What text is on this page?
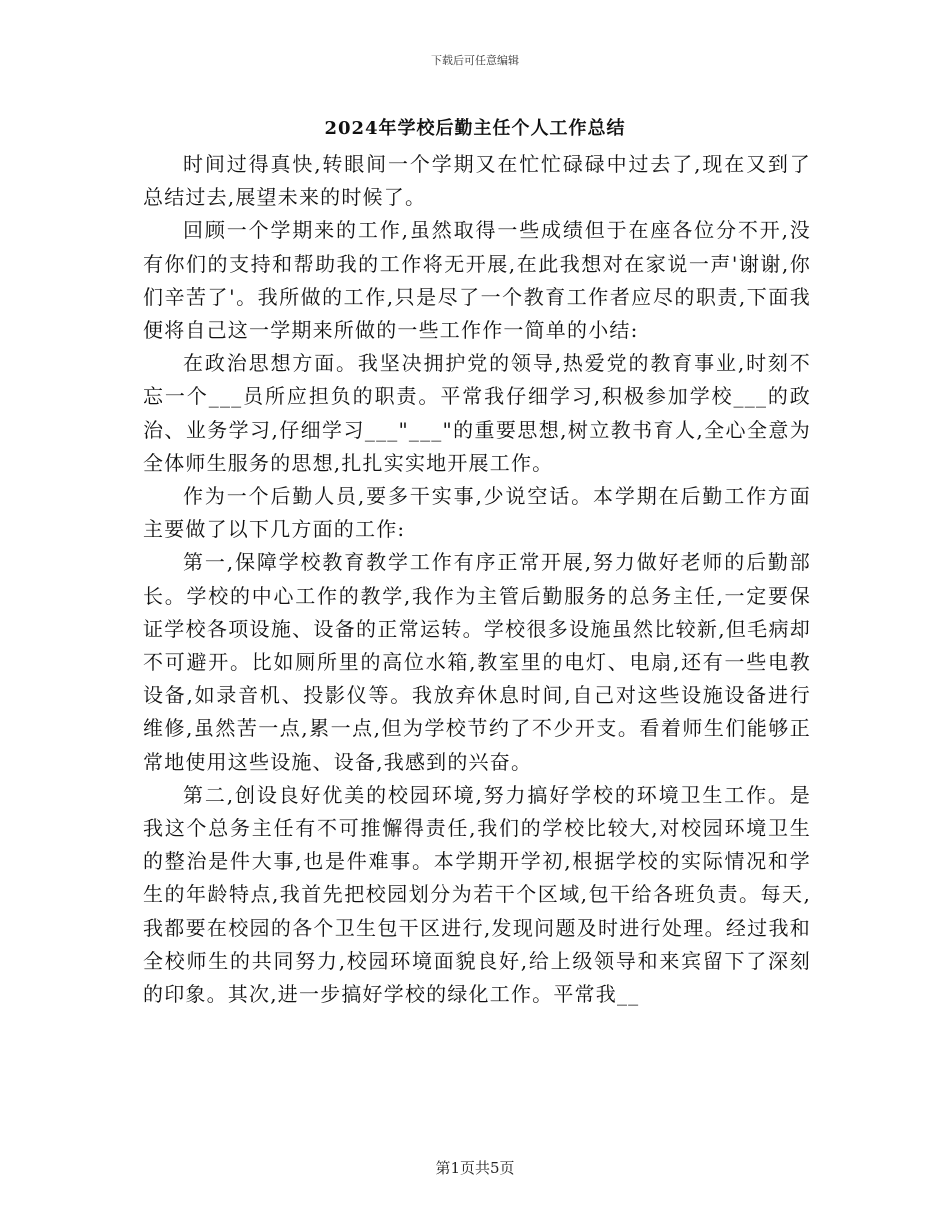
下载后可任意编辑
2024年学校后勤主任个人工作总结

时间过得真快,转眼间一个学期又在忙忙碌碌中过去了,现在又到了总结过去,展望未来的时候了。

回顾一个学期来的工作,虽然取得一些成绩但于在座各位分不开,没有你们的支持和帮助我的工作将无开展,在此我想对在家说一声'谢谢,你们辛苦了'。我所做的工作,只是尽了一个教育工作者应尽的职责,下面我便将自己这一学期来所做的一些工作作一简单的小结:

在政治思想方面。我坚决拥护党的领导,热爱党的教育事业,时刻不忘一个___员所应担负的职责。平常我仔细学习,积极参加学校___的政治、业务学习,仔细学习___"___"的重要思想,树立教书育人,全心全意为全体师生服务的思想,扎扎实实地开展工作。

作为一个后勤人员,要多干实事,少说空话。本学期在后勤工作方面主要做了以下几方面的工作:

第一,保障学校教育教学工作有序正常开展,努力做好老师的后勤部长。学校的中心工作的教学,我作为主管后勤服务的总务主任,一定要保证学校各项设施、设备的正常运转。学校很多设施虽然比较新,但毛病却不可避开。比如厕所里的高位水箱,教室里的电灯、电扇,还有一些电教设备,如录音机、投影仪等。我放弃休息时间,自己对这些设施设备进行维修,虽然苦一点,累一点,但为学校节约了不少开支。看着师生们能够正常地使用这些设施、设备,我感到的兴奋。

第二,创设良好优美的校园环境,努力搞好学校的环境卫生工作。是我这个总务主任有不可推懈得责任,我们的学校比较大,对校园环境卫生的整治是件大事,也是件难事。本学期开学初,根据学校的实际情况和学生的年龄特点,我首先把校园划分为若干个区域,包干给各班负责。每天,我都要在校园的各个卫生包干区进行,发现问题及时进行处理。经过我和全校师生的共同努力,校园环境面貌良好,给上级领导和来宾留下了深刻的印象。其次,进一步搞好学校的绿化工作。平常我__

第1页共5页
